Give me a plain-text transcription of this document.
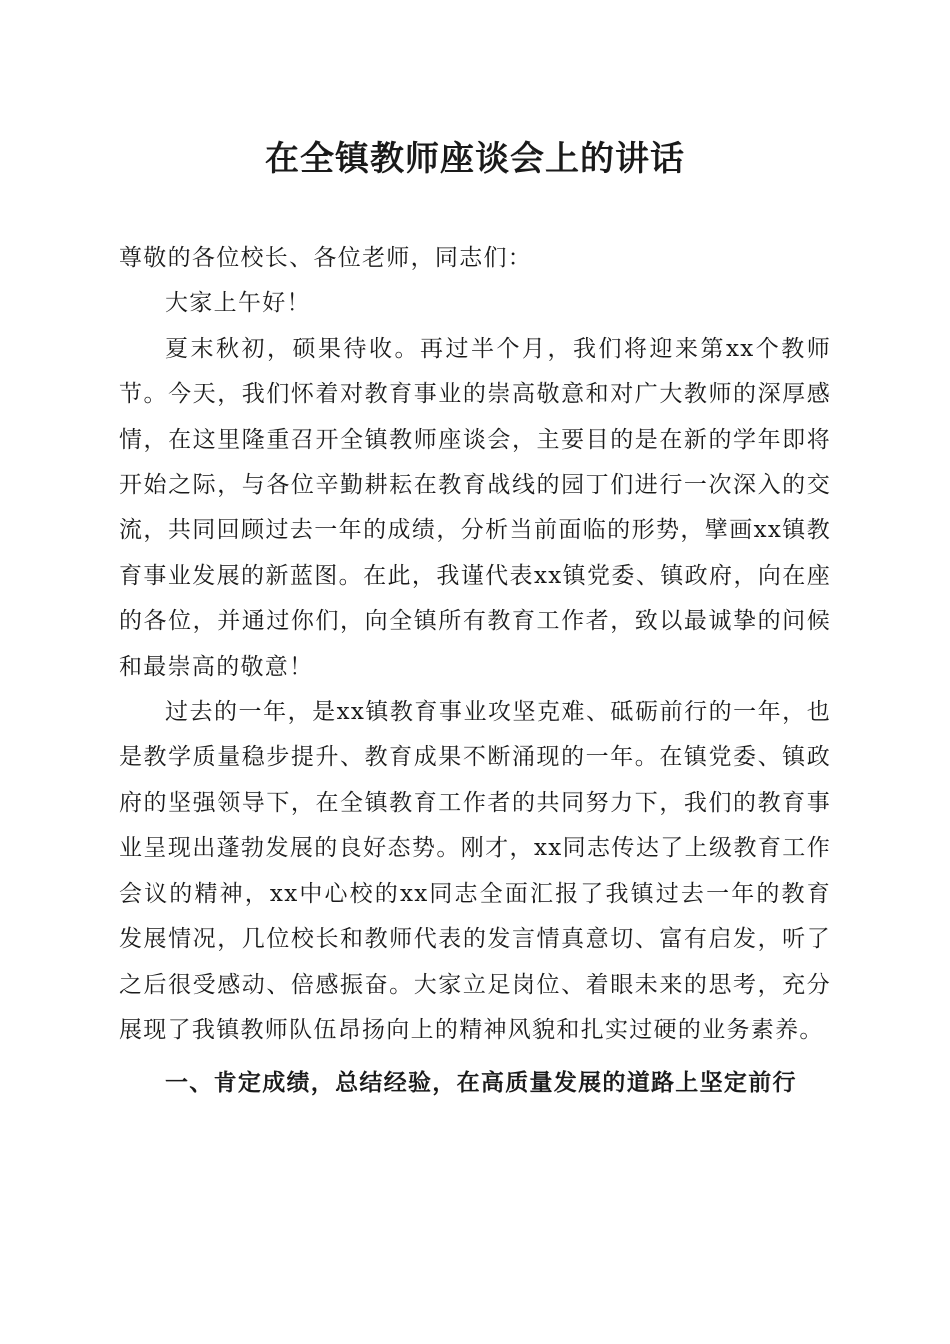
在全镇教师座谈会上的讲话

尊敬的各位校长、各位老师，同志们：

大家上午好！

夏末秋初，硕果待收。再过半个月，我们将迎来第xx个教师节。今天，我们怀着对教育事业的崇高敬意和对广大教师的深厚感情，在这里隆重召开全镇教师座谈会，主要目的是在新的学年即将开始之际，与各位辛勤耕耘在教育战线的园丁们进行一次深入的交流，共同回顾过去一年的成绩，分析当前面临的形势，擘画xx镇教育事业发展的新蓝图。在此，我谨代表xx镇党委、镇政府，向在座的各位，并通过你们，向全镇所有教育工作者，致以最诚挚的问候和最崇高的敬意！

过去的一年，是xx镇教育事业攻坚克难、砥砺前行的一年，也是教学质量稳步提升、教育成果不断涌现的一年。在镇党委、镇政府的坚强领导下，在全镇教育工作者的共同努力下，我们的教育事业呈现出蓬勃发展的良好态势。刚才，xx同志传达了上级教育工作会议的精神，xx中心校的xx同志全面汇报了我镇过去一年的教育发展情况，几位校长和教师代表的发言情真意切、富有启发，听了之后很受感动、倍感振奋。大家立足岗位、着眼未来的思考，充分展现了我镇教师队伍昂扬向上的精神风貌和扎实过硬的业务素养。

一、肯定成绩，总结经验，在高质量发展的道路上坚定前行
